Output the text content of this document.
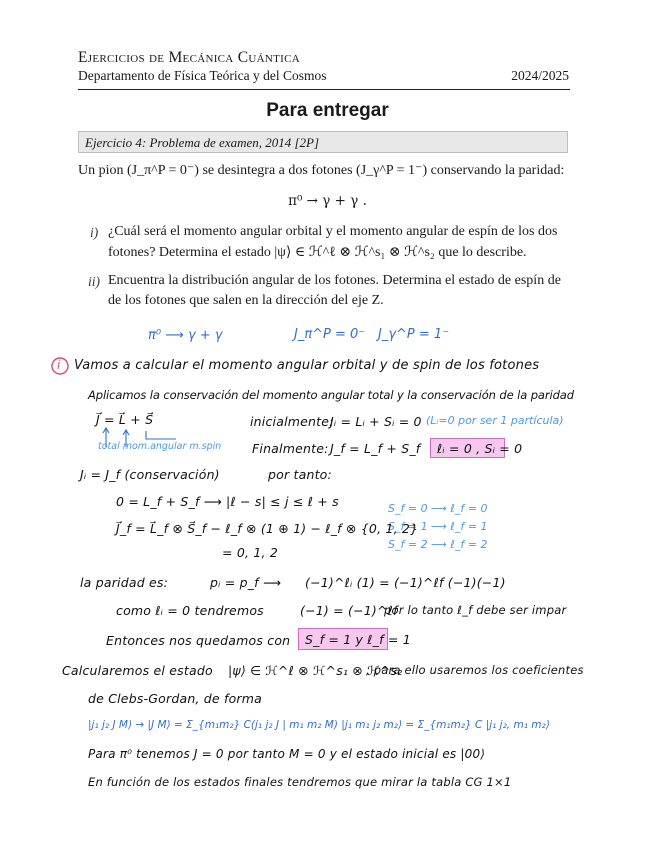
Ejercicios de Mecánica Cuántica
Departamento de Física Teórica y del Cosmos	2024/2025
Para entregar
Ejercicio 4: Problema de examen, 2014 [2P]
Un pion (J_π^P = 0⁻) se desintegra a dos fotones (J_γ^P = 1⁻) conservando la paridad:
π⁰ → γ + γ .
i) ¿Cuál será el momento angular orbital y el momento angular de espín de los dos
fotones? Determina el estado |ψ⟩ ∈ ℋ^ℓ ⊗ ℋ^s₁ ⊗ ℋ^s₂ que lo describe.
ii) Encuentra la distribución angular de los fotones. Determina el estado de espín de
de los fotones que salen en la dirección del eje Z.
π⁰ ⟶ γ + γ	J_π^P = 0⁻ J_γ^P = 1⁻
i Vamos a calcular el momento angular orbital y de spin de los fotones
Aplicamos la conservación del momento angular total y la conservación de la paridad
J⃗ = L⃗ + S⃗
total mom.angular m.spin
inicialmente:
Jᵢ = Lᵢ + Sᵢ = 0 (Lᵢ=0 por ser 1 partícula)
Finalmente: J_f = L_f + S_f ℓᵢ = 0 , Sᵢ = 0
Jᵢ = J_f (conservación)	por tanto:
0 = L_f + S_f ⟶ |ℓ − s| ≤ j ≤ ℓ + s	S_f = 0 ⟶ ℓ_f = 0
S_f = 1 ⟶ ℓ_f = 1
S_f = 2 ⟶ ℓ_f = 2
J⃗_f = L⃗_f ⊗ S⃗_f − ℓ_f ⊗ (1 ⊕ 1) − ℓ_f ⊗ {0, 1, 2}
= 0, 1, 2
la paridad es:	pᵢ = p_f ⟶ (−1)^ℓᵢ (1) = (−1)^ℓf (−1)(−1)
como ℓᵢ = 0 tendremos	(−1) = (−1)^ℓf
por lo tanto ℓ_f debe ser impar
Entonces nos quedamos con S_f = 1 y ℓ_f = 1
Calcularemos el estado |ψ⟩ ∈ ℋ^ℓ ⊗ ℋ^s₁ ⊗ ℋ^s₂
, para ello usaremos los coeficientes
de Clebs-Gordan, de forma
|j₁ j₂ J M⟩ → |J M⟩ = Σ_{m₁m₂} C(j₁ j₂ J | m₁ m₂ M) |j₁ m₁ j₂ m₂⟩ = Σ_{m₁m₂} C |j₁ j₂, m₁ m₂⟩
Para π⁰ tenemos J = 0 por tanto M = 0 y el estado inicial es |00⟩
En función de los estados finales tendremos que mirar la tabla CG 1×1
